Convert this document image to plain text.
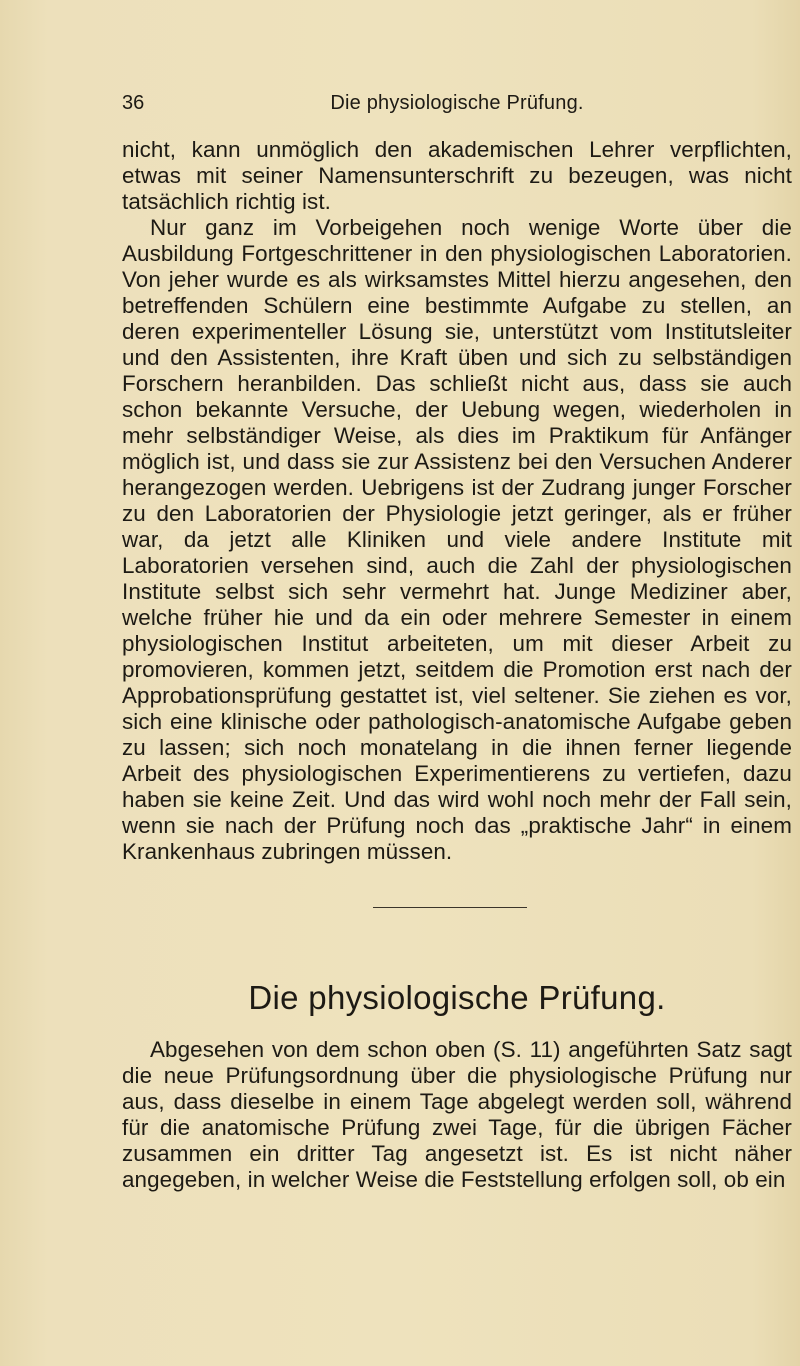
36	Die physiologische Prüfung.

nicht, kann unmöglich den akademischen Lehrer verpflichten, etwas mit seiner Namensunterschrift zu bezeugen, was nicht tatsächlich richtig ist.

Nur ganz im Vorbeigehen noch wenige Worte über die Ausbildung Fortgeschrittener in den physiologischen Laboratorien. Von jeher wurde es als wirksamstes Mittel hierzu angesehen, den betreffenden Schülern eine bestimmte Aufgabe zu stellen, an deren experimenteller Lösung sie, unterstützt vom Institutsleiter und den Assistenten, ihre Kraft üben und sich zu selbständigen Forschern heranbilden. Das schließt nicht aus, dass sie auch schon bekannte Versuche, der Uebung wegen, wiederholen in mehr selbständiger Weise, als dies im Praktikum für Anfänger möglich ist, und dass sie zur Assistenz bei den Versuchen Anderer herangezogen werden. Uebrigens ist der Zudrang junger Forscher zu den Laboratorien der Physiologie jetzt geringer, als er früher war, da jetzt alle Kliniken und viele andere Institute mit Laboratorien versehen sind, auch die Zahl der physiologischen Institute selbst sich sehr vermehrt hat. Junge Mediziner aber, welche früher hie und da ein oder mehrere Semester in einem physiologischen Institut arbeiteten, um mit dieser Arbeit zu promovieren, kommen jetzt, seitdem die Promotion erst nach der Approbationsprüfung gestattet ist, viel seltener. Sie ziehen es vor, sich eine klinische oder pathologisch-anatomische Aufgabe geben zu lassen; sich noch monatelang in die ihnen ferner liegende Arbeit des physiologischen Experimentierens zu vertiefen, dazu haben sie keine Zeit. Und das wird wohl noch mehr der Fall sein, wenn sie nach der Prüfung noch das „praktische Jahr“ in einem Krankenhaus zubringen müssen.

Die physiologische Prüfung.

Abgesehen von dem schon oben (S. 11) angeführten Satz sagt die neue Prüfungsordnung über die physiologische Prüfung nur aus, dass dieselbe in einem Tage abgelegt werden soll, während für die anatomische Prüfung zwei Tage, für die übrigen Fächer zusammen ein dritter Tag angesetzt ist. Es ist nicht näher angegeben, in welcher Weise die Feststellung erfolgen soll, ob ein
